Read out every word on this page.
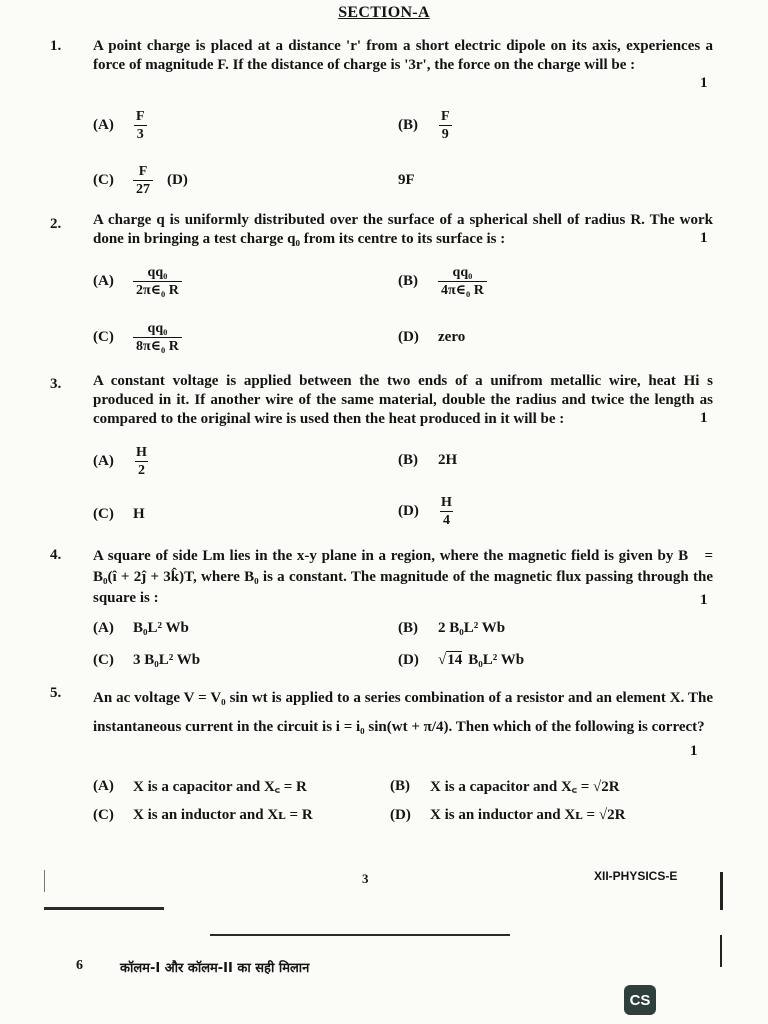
SECTION-A
1. A point charge is placed at a distance 'r' from a short electric dipole on its axis, experiences a force of magnitude F. If the distance of charge is '3r', the force on the charge will be :
1
(A)	$\frac{F}{3}$	(B)	$\frac{F}{9}$
(C)	$\frac{F}{27} (D)$	9F
2. A charge q is uniformly distributed over the surface of a spherical shell of radius R. The work done in bringing a test charge q₀ from its centre to its surface is :	1
(A)	$\frac{\text{qq₀}}{\text{2π∈₀ R}}$	(B)	$\frac{\text{qq₀}}{\text{4π∈₀ R}}$
(C)	$\frac{\text{qq₀}}{\text{8π∈₀ R}}$	(D)	zero
3. A constant voltage is applied between the two ends of a unifrom metallic wire, heat Hi s produced in it. If another wire of the same material, double the radius and twice the length as compared to the original wire is used then the heat produced in it will be :	1
(A)	$\frac{H}{2}$	(B)	2H
(C)	H	(D)	$\frac{H}{4}$
4. A square of side Lm lies in the x-y plane in a region, where the magnetic field is given by B⃗ = B₀(î + 2ĵ + 3k̂)T, where B₀ is a constant. The magnitude of the magnetic flux passing through the square is :	1
(A)	B₀L² Wb	(B)	2 B₀L² Wb
(C)	3 B₀L² Wb	(D)	√14 B₀L² Wb
5. An ac voltage V = V₀ sin wt is applied to a series combination of a resistor and an element X. The instantaneous current in the circuit is i = i₀ sin(wt + π/4). Then which of the following is correct?
1
(A)	X is a capacitor and X꜀ = R	(B)	X is a capacitor and X꜀ = √2R
(C)	X is an inductor and Xʟ = R	(D)	X is an inductor and Xʟ = √2R
3	XII-PHYSICS-E
6	कॉलम-I और कॉलम-II का सही मिलान
CS
